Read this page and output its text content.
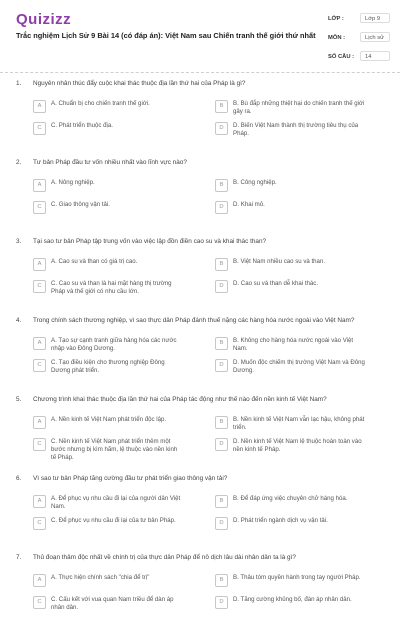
Quizizz
Trắc nghiệm Lịch Sử 9 Bài 14 (có đáp án): Việt Nam sau Chiến tranh thế giới thứ nhất
LỚP :	Lớp 9
MÔN :	Lịch sử
SỐ CÂU :	14
1. Nguyên nhân thúc đẩy cuộc khai thác thuộc địa lần thứ hai của Pháp là gì?
A	A. Chuẩn bị cho chiến tranh thế giới.	B	B. Bù đắp những thiệt hại do chiến tranh thế giới gây ra.
C	C. Phát triển thuộc địa.	D	D. Biến Việt Nam thành thị trường tiêu thụ của Pháp.
2. Tư bản Pháp đầu tư vốn nhiều nhất vào lĩnh vực nào?
A	A. Nông nghiệp.	B	B. Công nghiệp.
C	C. Giao thông vận tải.	D	D. Khai mỏ.
3. Tại sao tư bản Pháp tập trung vốn vào việc lập đồn điền cao su và khai thác than?
A	A. Cao su và than có giá trị cao.	B	B. Việt Nam nhiều cao su và than.
C	C. Cao su và than là hai mặt hàng thị trường Pháp và thế giới có nhu cầu lớn.
D	D. Cao su và than dễ khai thác.
4. Trong chính sách thương nghiệp, vì sao thực dân Pháp đánh thuế nặng các hàng hóa nước ngoài vào Việt Nam?
A	A. Tạo sự cạnh tranh giữa hàng hóa các nước nhập vào Đông Dương.
B	B. Không cho hàng hóa nước ngoài vào Việt Nam.
C	C. Tạo điều kiện cho thương nghiệp Đông Dương phát triển.
D	D. Muốn độc chiếm thị trường Việt Nam và Đông Dương.
5. Chương trình khai thác thuộc địa lần thứ hai của Pháp tác động như thế nào đến nền kinh tế Việt Nam?
A	A. Nền kinh tế Việt Nam phát triển độc lập.	B	B. Nền kinh tế Việt Nam vẫn lạc hậu, không phát triển.
C	C. Nền kinh tế Việt Nam phát triển thêm một bước nhưng bị kìm hãm, lệ thuộc vào nền kinh tế Pháp.
D	D. Nền kinh tế Việt Nam lệ thuộc hoàn toàn vào nền kinh tế Pháp.
6. Vì sao tư bản Pháp tăng cường đầu tư phát triển giao thông vận tải?
A	A. Để phục vụ nhu cầu đi lại của người dân Việt Nam.
B	B. Để đáp ứng việc chuyên chở hàng hóa.
C	C. Để phục vụ nhu cầu đi lại của tư bản Pháp.	D	D. Phát triển ngành dịch vụ vận tải.
7. Thủ đoạn thâm độc nhất về chính trị của thực dân Pháp để nô dịch lâu dài nhân dân ta là gì?
A	A. Thực hiện chính sách "chia để trị"	B	B. Thâu tóm quyền hành trong tay người Pháp.
C	C. Cấu kết với vua quan Nam triều để dàn áp nhân dân.
D	D. Tăng cường khủng bố, đàn áp nhân dân.
